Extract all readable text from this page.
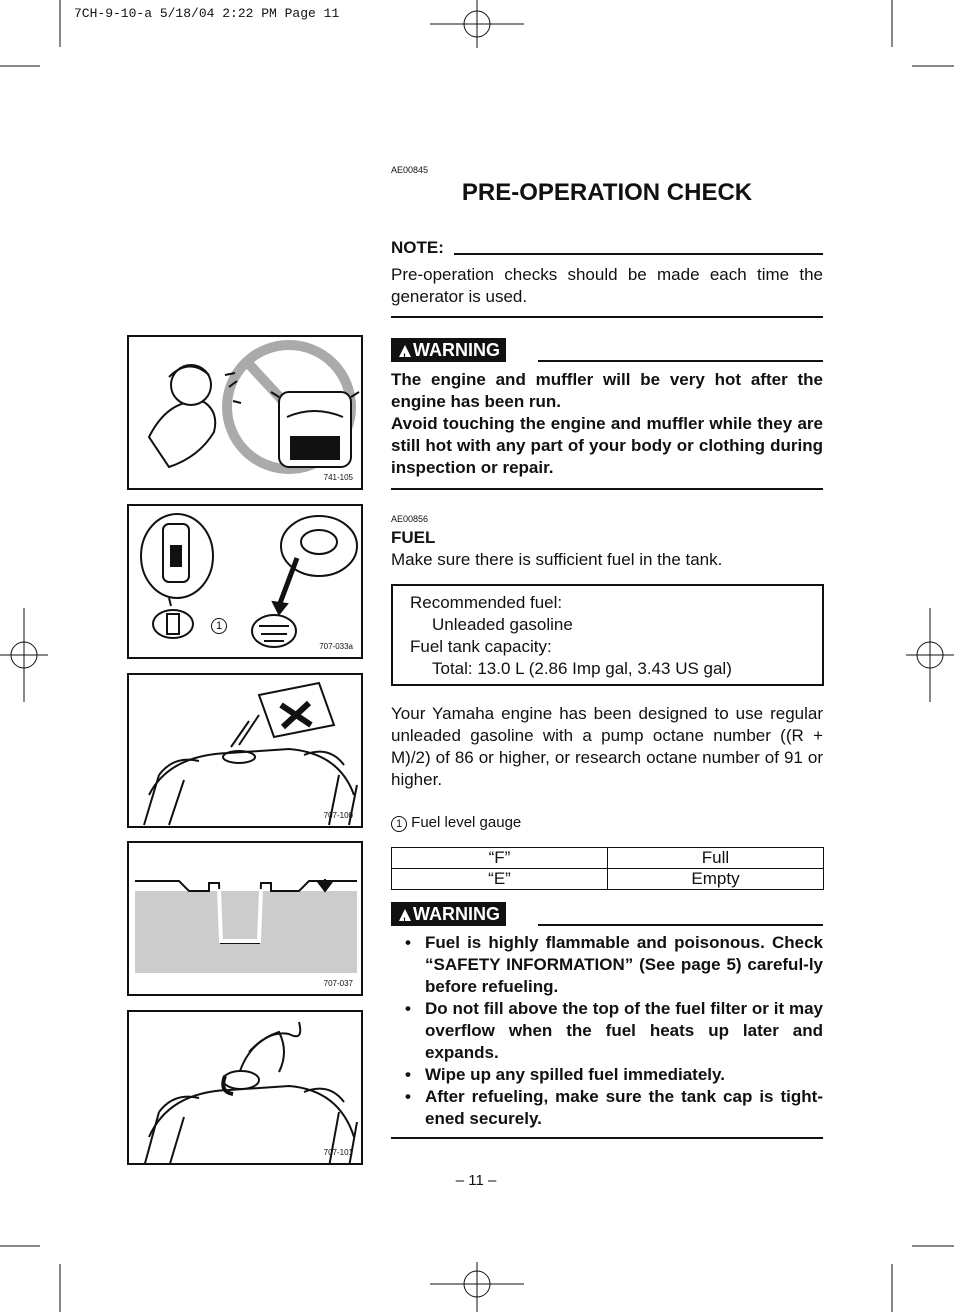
7CH-9-10-a 5/18/04 2:22 PM Page 11
AE00845
PRE-OPERATION CHECK
NOTE:
Pre-operation checks should be made each time the generator is used.
!WARNING
The engine and muffler will be very hot after the engine has been run.
Avoid touching the engine and muffler while they are still hot with any part of your body or clothing during inspection or repair.
AE00856
FUEL
Make sure there is sufficient fuel in the tank.
Recommended fuel:
Unleaded gasoline
Fuel tank capacity:
Total: 13.0 L (2.86 Imp gal, 3.43 US gal)
Your Yamaha engine has been designed to use regular unleaded gasoline with a pump octane number ((R + M)/2) of 86 or higher, or research octane number of 91 or higher.
1 Fuel level gauge
“F”	Full
“E”	Empty
!WARNING
• Fuel is highly flammable and poisonous. Check “SAFETY INFORMATION” (See page 5) careful-ly before refueling.
• Do not fill above the top of the fuel filter or it may overflow when the fuel heats up later and expands.
• Wipe up any spilled fuel immediately.
• After refueling, make sure the tank cap is tight-ened securely.
– 11 –
741-105
1
707-033a
707-100
707-037
707-101
